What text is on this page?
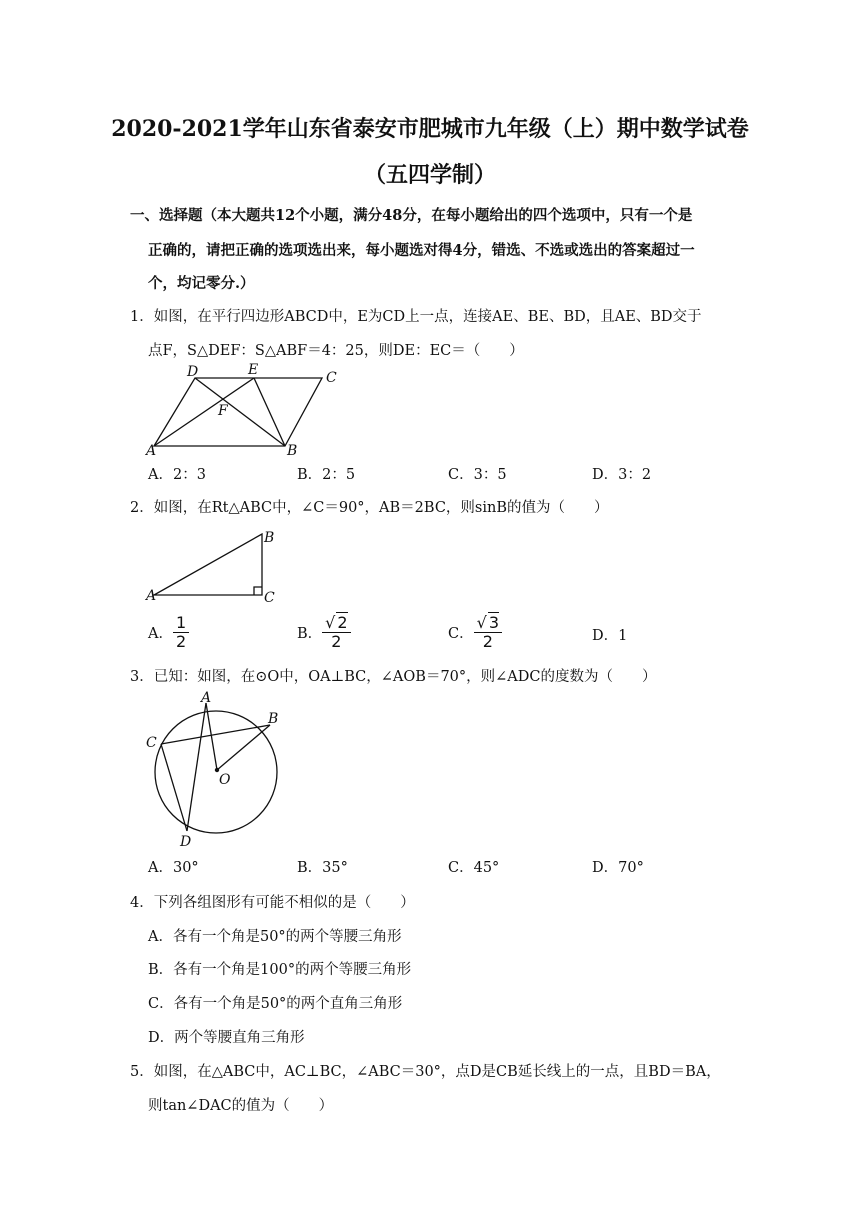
2020-2021学年山东省泰安市肥城市九年级（上）期中数学试卷
（五四学制）
一、选择题（本大题共12个小题，满分48分，在每小题给出的四个选项中，只有一个是
正确的，请把正确的选项选出来，每小题选对得4分，错选、不选或选出的答案超过一
个，均记零分.）
1．如图，在平行四边形ABCD中，E为CD上一点，连接AE、BE、BD，且AE、BD交于
点F，S△DEF：S△ABF＝4：25，则DE：EC＝（　　）
D	E	C
F
A	B
A．2：3	B．2：5	C．3：5	D．3：2
2．如图，在Rt△ABC中，∠C＝90°，AB＝2BC，则sinB的值为（　　）
B
A	C
A． $\frac{1}{2}$	B． $\frac{√ 2}{2}$	C． $\frac{√ 3}{2}$	D．1
3．已知：如图，在⊙O中，OA⊥BC，∠AOB＝70°，则∠ADC的度数为（　　）
A
B
C
O
D
A．30°	B．35°	C．45°	D．70°
4．下列各组图形有可能不相似的是（　　）
A．各有一个角是50°的两个等腰三角形
B．各有一个角是100°的两个等腰三角形
C．各有一个角是50°的两个直角三角形
D．两个等腰直角三角形
5．如图，在△ABC中，AC⊥BC，∠ABC＝30°，点D是CB延长线上的一点，且BD＝BA，
则tan∠DAC的值为（　　）
